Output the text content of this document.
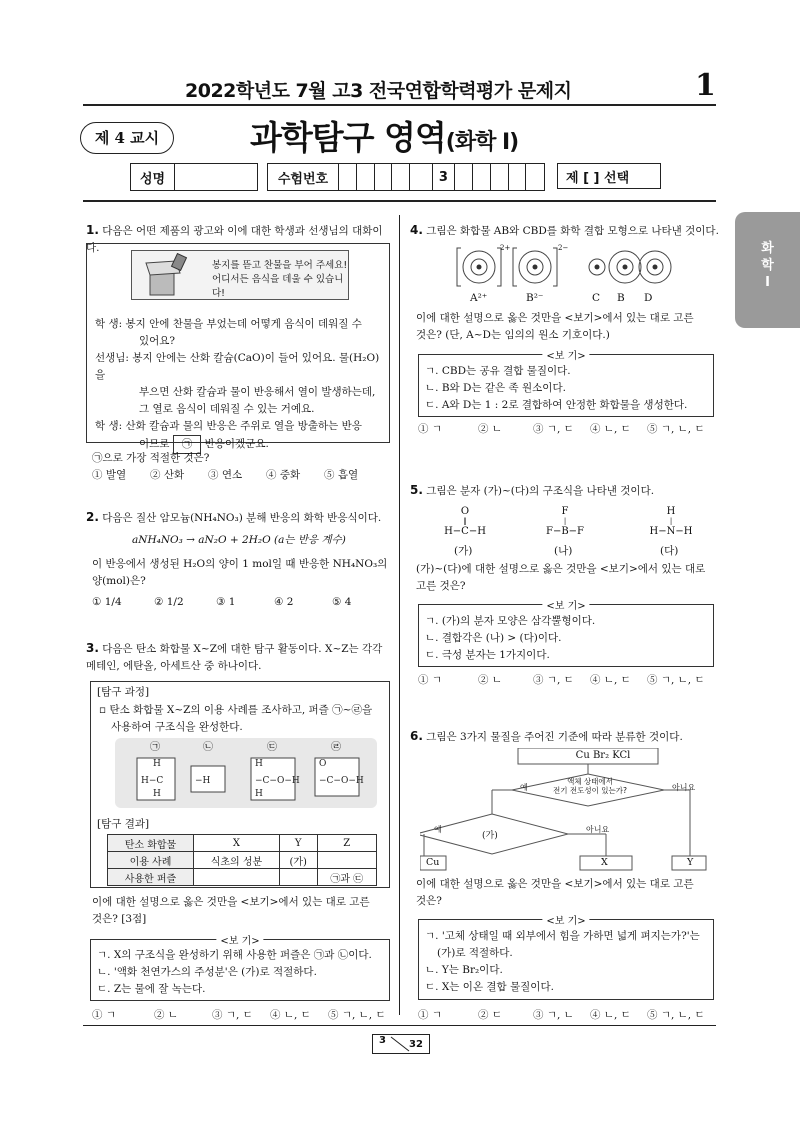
2022학년도 7월 고3 전국연합학력평가 문제지	1
제 4 교시	과학탐구 영역(화학 Ⅰ)
성명	수험번호	3	제 [ ] 선택
화
학
Ⅰ
1. 다음은 어떤 제품의 광고와 이에 대한 학생과 선생님의 대화이다.
봉지를 뜯고 찬물을 부어 주세요!
어디서든 음식을 데울 수 있습니다!
학 생: 봉지 안에 찬물을 부었는데 어떻게 음식이 데워질 수
있어요?
선생님: 봉지 안에는 산화 칼슘(CaO)이 들어 있어요. 물(H₂O)을
부으면 산화 칼슘과 물이 반응해서 열이 발생하는데,
그 열로 음식이 데워질 수 있는 거예요.
학 생: 산화 칼슘과 물의 반응은 주위로 열을 방출하는 반응
이므로 ㉠ 반응이겠군요.
㉠으로 가장 적절한 것은?
① 발열	② 산화	③ 연소	④ 중화	⑤ 흡열
2. 다음은 질산 암모늄(NH₄NO₃) 분해 반응의 화학 반응식이다.
aNH₄NO₃ → aN₂O + 2H₂O (a는 반응 계수)
이 반응에서 생성된 H₂O의 양이 1 mol일 때 반응한 NH₄NO₃의
양(mol)은?
① 1/4	② 1/2	③ 1	④ 2	⑤ 4
3. 다음은 탄소 화합물 X~Z에 대한 탐구 활동이다. X~Z는 각각
메테인, 에탄올, 아세트산 중 하나이다.
[탐구 과정]
▫ 탄소 화합물 X~Z의 이용 사례를 조사하고, 퍼즐 ㉠~㉣을
사용하여 구조식을 완성한다.
H
H−C
H
−H
H
−C−O−H
H
O
−C−O−H
㉠	㉡	㉢	㉣
[탐구 결과]
탄소 화합물	X	Y	Z
이용 사례	식초의 성분	(가)	
사용한 퍼즐			㉠과 ㉢
이에 대한 설명으로 옳은 것만을 <보기>에서 있는 대로 고른
것은? [3점]
<보 기>
ㄱ. X의 구조식을 완성하기 위해 사용한 퍼즐은 ㉠과 ㉡이다.
ㄴ. '액화 천연가스의 주성분'은 (가)로 적절하다.
ㄷ. Z는 물에 잘 녹는다.
① ㄱ	② ㄴ	③ ㄱ, ㄷ	④ ㄴ, ㄷ	⑤ ㄱ, ㄴ, ㄷ
4. 그림은 화합물 AB와 CBD를 화학 결합 모형으로 나타낸 것이다.
2+	2−
A²⁺	B²⁻	C B D
이에 대한 설명으로 옳은 것만을 <보기>에서 있는 대로 고른
것은? (단, A~D는 임의의 원소 기호이다.)
<보 기>
ㄱ. CBD는 공유 결합 물질이다.
ㄴ. B와 D는 같은 족 원소이다.
ㄷ. A와 D는 1 : 2로 결합하여 안정한 화합물을 생성한다.
① ㄱ	② ㄴ	③ ㄱ, ㄷ	④ ㄴ, ㄷ	⑤ ㄱ, ㄴ, ㄷ
5. 그림은 분자 (가)~(다)의 구조식을 나타낸 것이다.
O
‖
H−C−H
F
|
F−B−F
H
|
H−N−H
(가)	(나)	(다)
(가)~(다)에 대한 설명으로 옳은 것만을 <보기>에서 있는 대로
고른 것은?
<보 기>
ㄱ. (가)의 분자 모양은 삼각뿔형이다.
ㄴ. 결합각은 (나) > (다)이다.
ㄷ. 극성 분자는 1가지이다.
① ㄱ	② ㄴ	③ ㄱ, ㄷ	④ ㄴ, ㄷ	⑤ ㄱ, ㄴ, ㄷ
6. 그림은 3가지 물질을 주어진 기준에 따라 분류한 것이다.
Cu Br₂ KCl
액체 상태에서
전기 전도성이 있는가?
예	아니요
(가)
예	아니요
Cu	X	Y
이에 대한 설명으로 옳은 것만을 <보기>에서 있는 대로 고른
것은?
<보 기>
ㄱ. '고체 상태일 때 외부에서 힘을 가하면 넓게 펴지는가?'는
(가)로 적절하다.
ㄴ. Y는 Br₂이다.
ㄷ. X는 이온 결합 물질이다.
① ㄱ	② ㄷ	③ ㄱ, ㄴ	④ ㄴ, ㄷ	⑤ ㄱ, ㄴ, ㄷ
3 32
